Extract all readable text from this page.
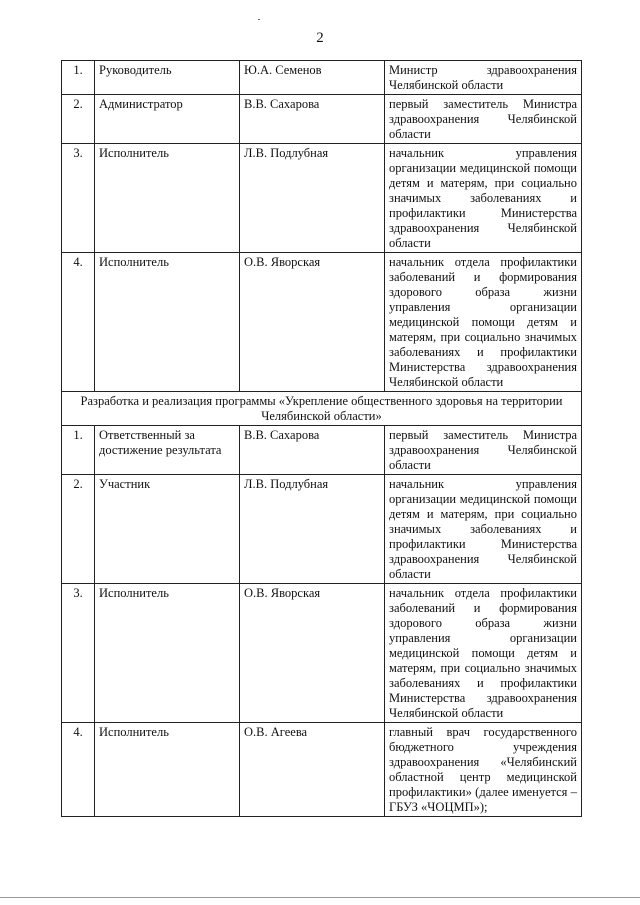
2
1.	Руководитель	Ю.А. Семенов	Министр здравоохранения Челябинской области
2.	Администратор	В.В. Сахарова	первый заместитель Министра здравоохранения Челябинской области
3.	Исполнитель	Л.В. Подлубная	начальник управления организации медицинской помощи детям и матерям, при социально значимых заболеваниях и профилактики Министерства здравоохранения Челябинской области
4.	Исполнитель	О.В. Яворская	начальник отдела профилактики заболеваний и формирования здорового образа жизни управления организации медицинской помощи детям и матерям, при социально значимых заболеваниях и профилактики Министерства здравоохранения Челябинской области
Разработка и реализация программы «Укрепление общественного здоровья на территории Челябинской области»			
1.	Ответственный за достижение результата	В.В. Сахарова	первый заместитель Министра здравоохранения Челябинской области
2.	Участник	Л.В. Подлубная	начальник управления организации медицинской помощи детям и матерям, при социально значимых заболеваниях и профилактики Министерства здравоохранения Челябинской области
3.	Исполнитель	О.В. Яворская	начальник отдела профилактики заболеваний и формирования здорового образа жизни управления организации медицинской помощи детям и матерям, при социально значимых заболеваниях и профилактики Министерства здравоохранения Челябинской области
4.	Исполнитель	О.В. Агеева	главный врач государственного бюджетного учреждения здравоохранения «Челябинский областной центр медицинской профилактики» (далее именуется – ГБУЗ «ЧОЦМП»);
